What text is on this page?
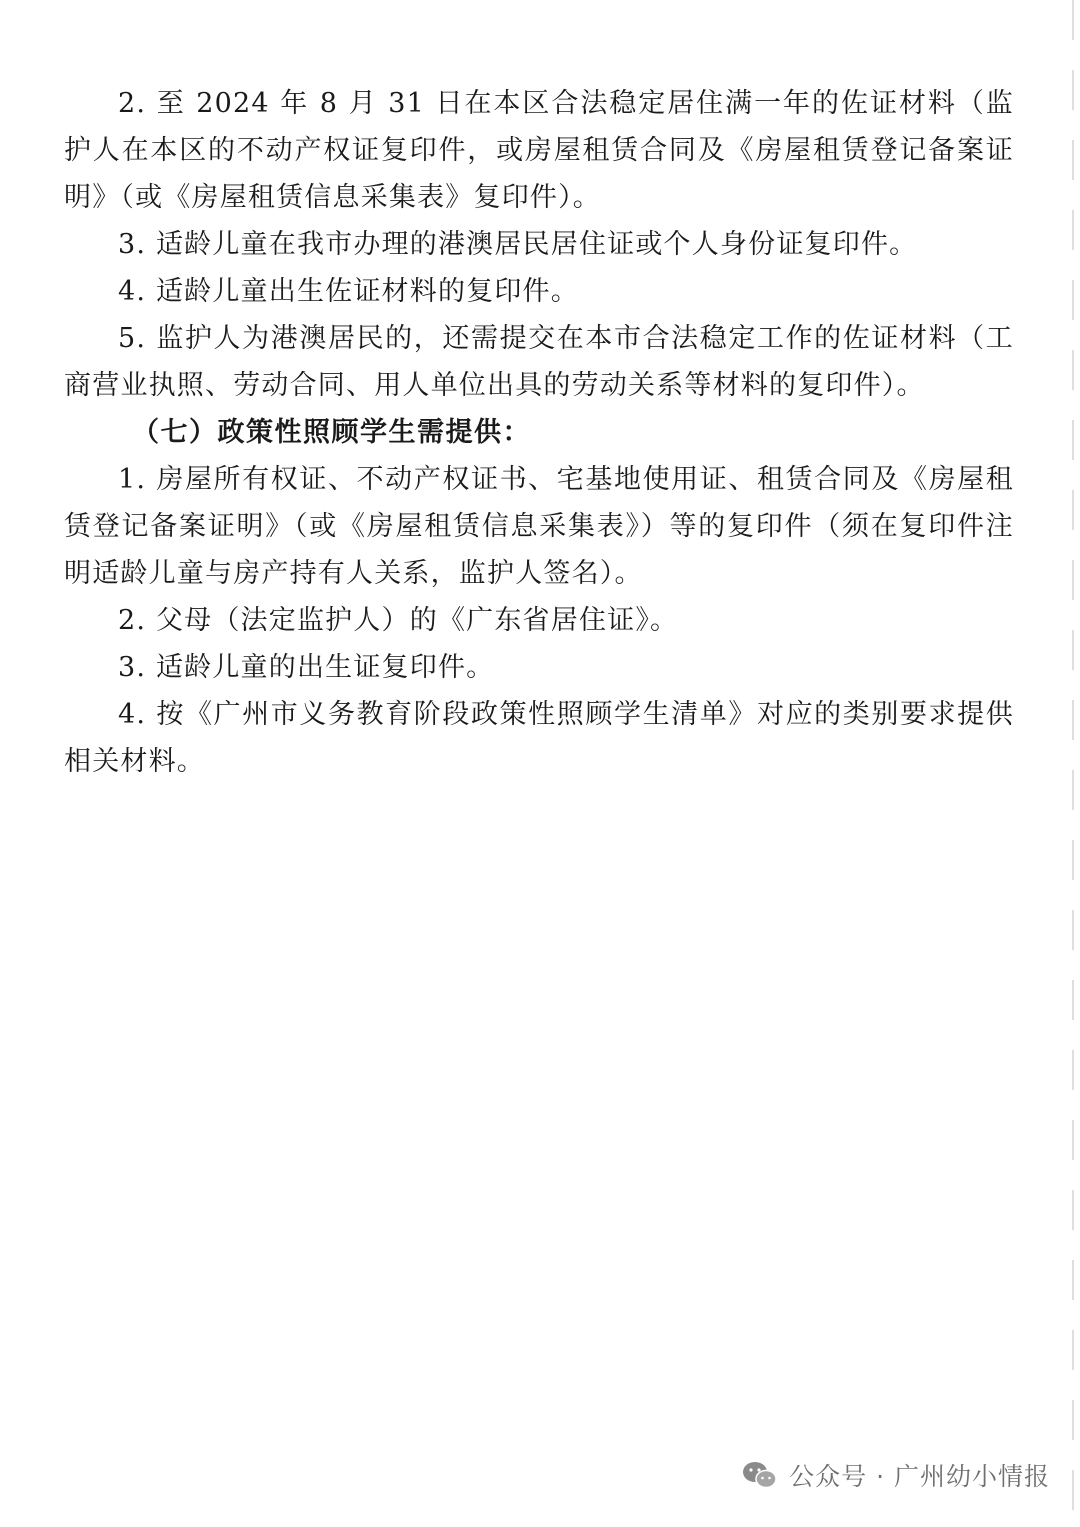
2. 至 2024 年 8 月 31 日在本区合法稳定居住满一年的佐证材料（监护人在本区的不动产权证复印件，或房屋租赁合同及《房屋租赁登记备案证明》（或《房屋租赁信息采集表》复印件）。

3. 适龄儿童在我市办理的港澳居民居住证或个人身份证复印件。

4. 适龄儿童出生佐证材料的复印件。

5. 监护人为港澳居民的，还需提交在本市合法稳定工作的佐证材料（工商营业执照、劳动合同、用人单位出具的劳动关系等材料的复印件）。

（七）政策性照顾学生需提供：

1. 房屋所有权证、不动产权证书、宅基地使用证、租赁合同及《房屋租赁登记备案证明》（或《房屋租赁信息采集表》）等的复印件（须在复印件注明适龄儿童与房产持有人关系，监护人签名）。

2. 父母（法定监护人）的《广东省居住证》。

3. 适龄儿童的出生证复印件。

4. 按《广州市义务教育阶段政策性照顾学生清单》对应的类别要求提供相关材料。

公众号 · 广州幼小情报
